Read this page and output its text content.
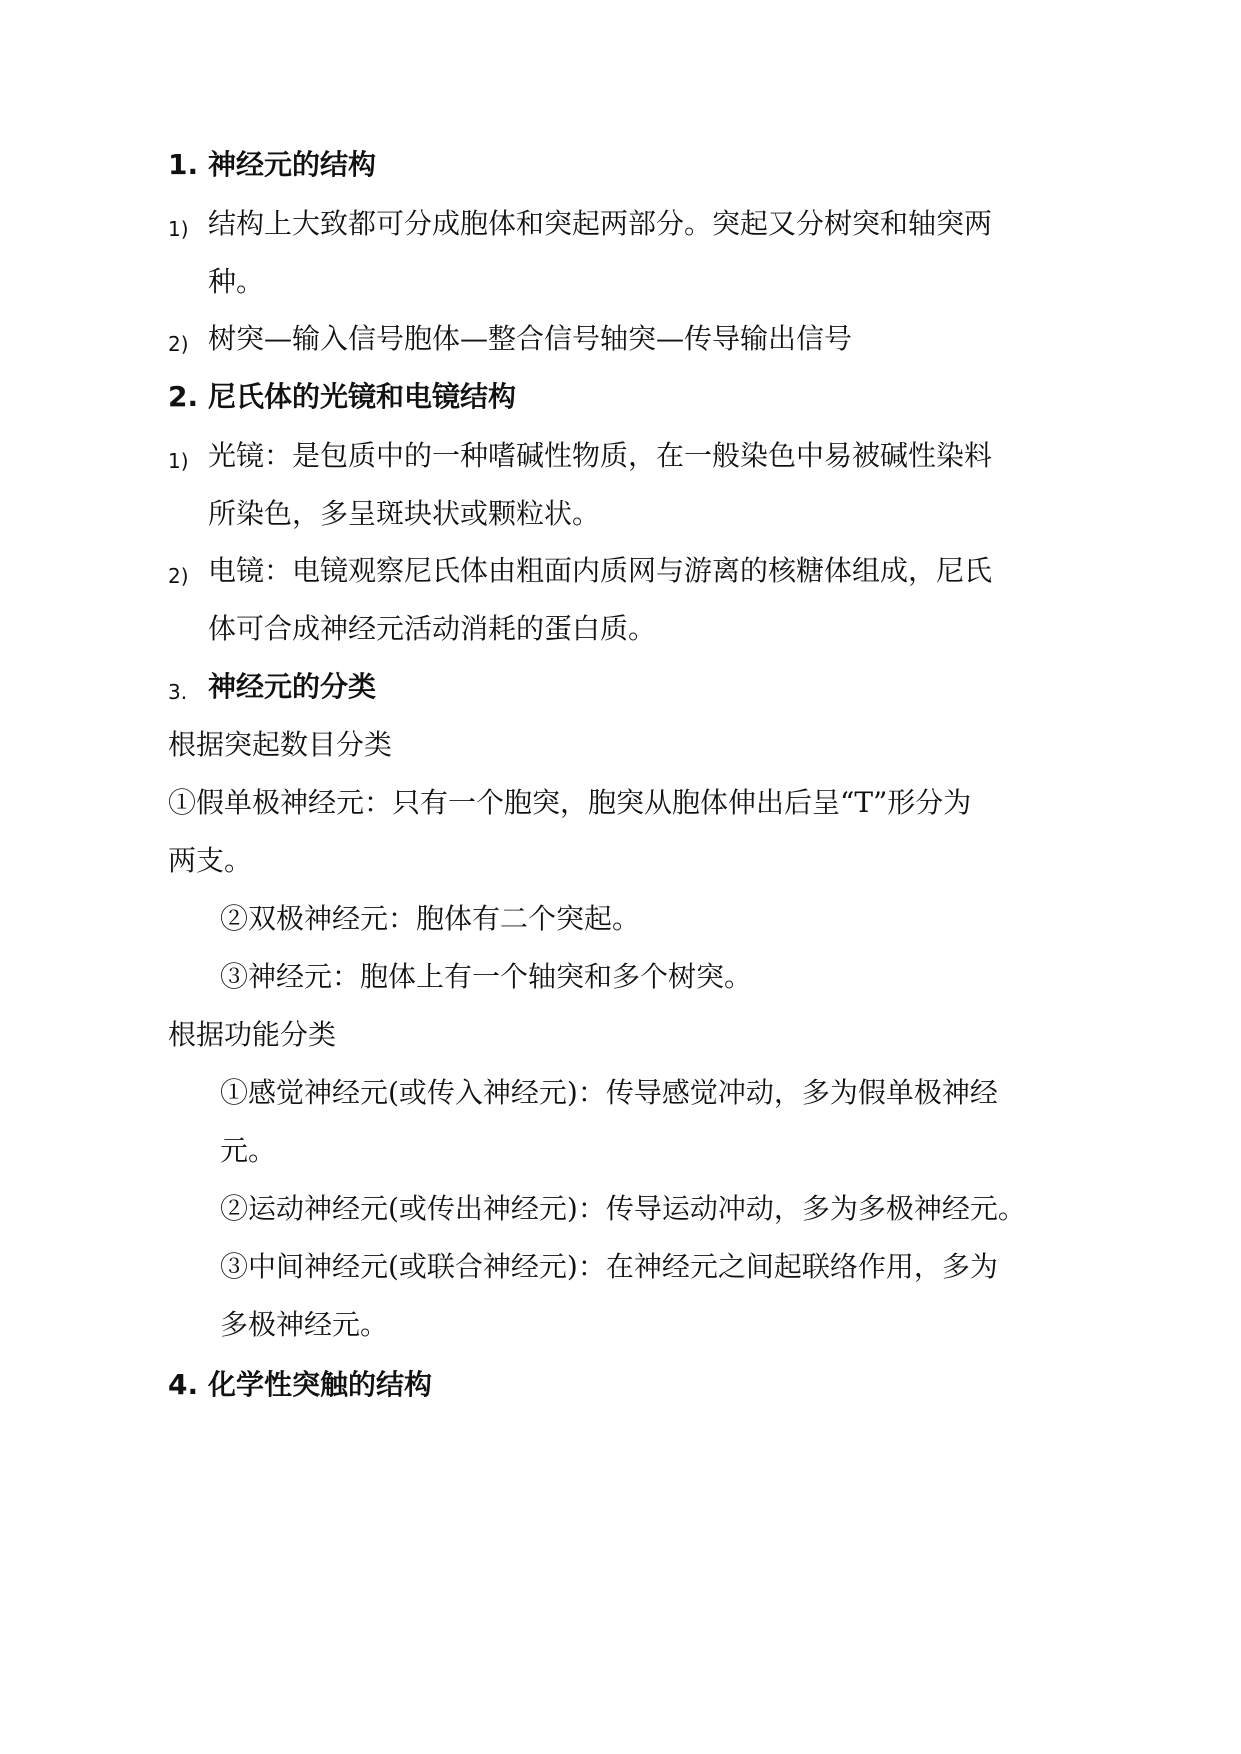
1. 神经元的结构
1) 结构上大致都可分成胞体和突起两部分。突起又分树突和轴突两
种。
2) 树突—输入信号胞体—整合信号轴突—传导输出信号
2. 尼氏体的光镜和电镜结构
1) 光镜：是包质中的一种嗜碱性物质，在一般染色中易被碱性染料
所染色，多呈斑块状或颗粒状。
2) 电镜：电镜观察尼氏体由粗面内质网与游离的核糖体组成，尼氏
体可合成神经元活动消耗的蛋白质。
3. 神经元的分类
根据突起数目分类
①假单极神经元：只有一个胞突，胞突从胞体伸出后呈“T”形分为
两支。
②双极神经元：胞体有二个突起。
③神经元：胞体上有一个轴突和多个树突。
根据功能分类
①感觉神经元(或传入神经元)：传导感觉冲动，多为假单极神经
元。
②运动神经元(或传出神经元)：传导运动冲动，多为多极神经元。
③中间神经元(或联合神经元)：在神经元之间起联络作用，多为
多极神经元。
4. 化学性突触的结构
